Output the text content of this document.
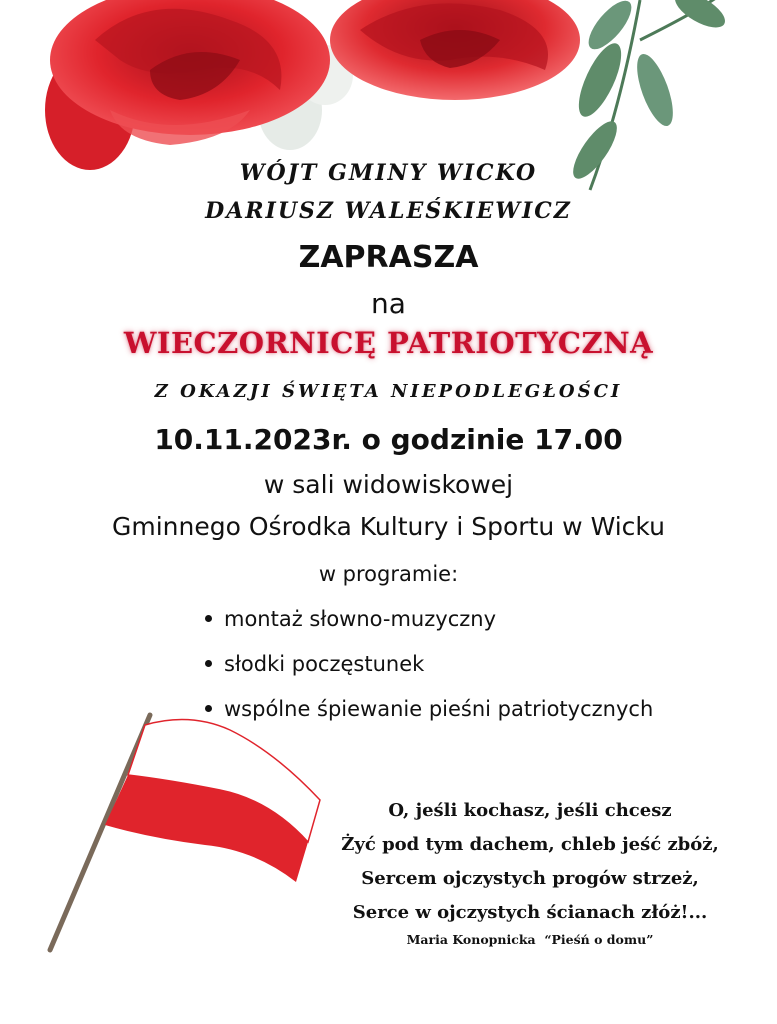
WÓJT GMINY WICKO
DARIUSZ WALEŚKIEWICZ
ZAPRASZA
na
WIECZORNICĘ PATRIOTYCZNĄ
Z OKAZJI ŚWIĘTA NIEPODLEGŁOŚCI
10.11.2023r. o godzinie 17.00
w sali widowiskowej
Gminnego Ośrodka Kultury i Sportu w Wicku
w programie:
montaż słowno-muzyczny
słodki poczęstunek
wspólne śpiewanie pieśni patriotycznych
O, jeśli kochasz, jeśli chcesz
Żyć pod tym dachem, chleb jeść zbóż,
Sercem ojczystych progów strzeż,
Serce w ojczystych ścianach złóż!...
Maria Konopnicka “Pieśń o domu”
